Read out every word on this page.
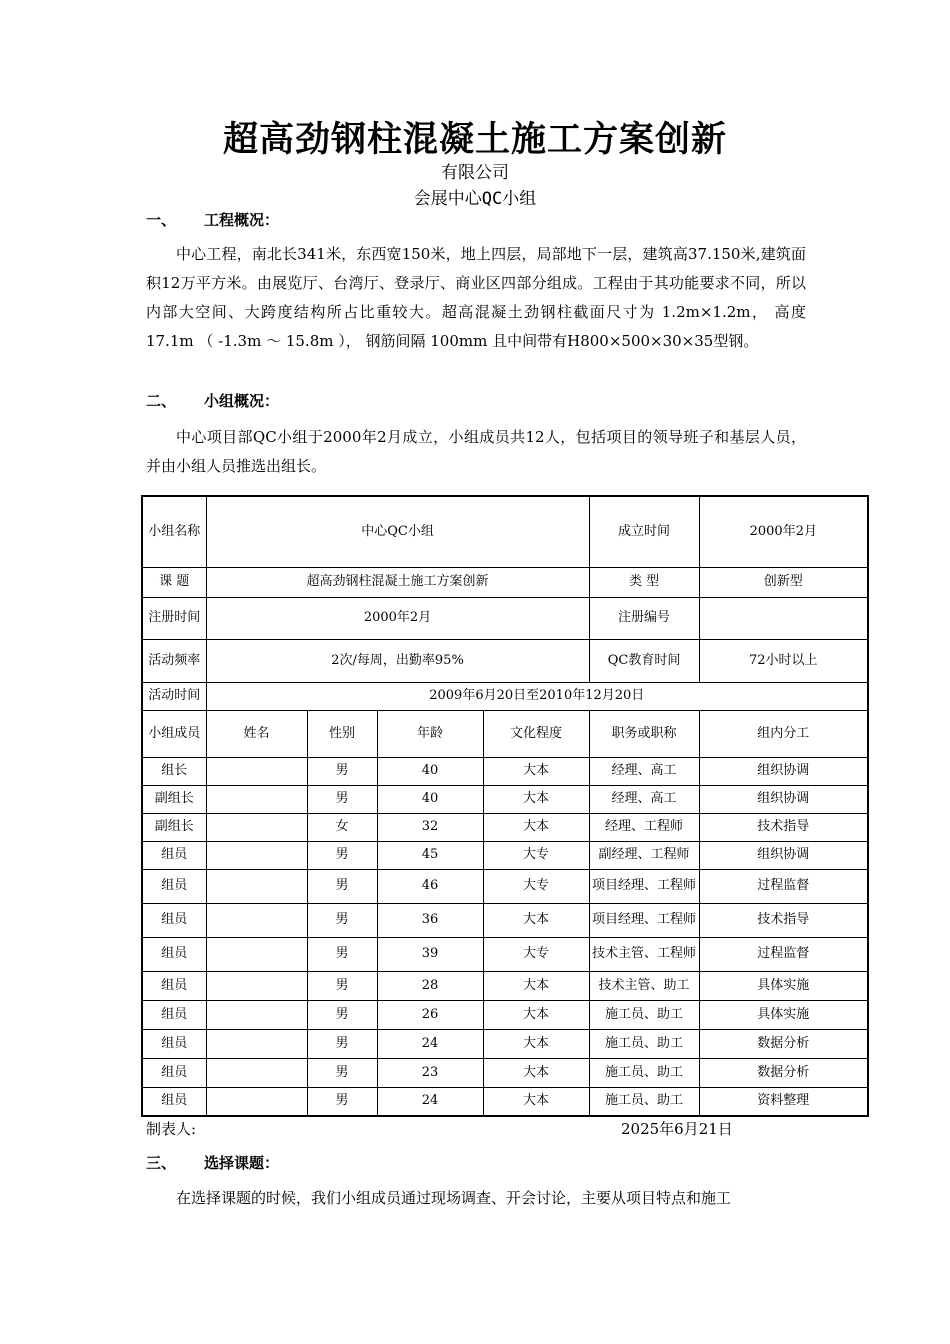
超高劲钢柱混凝土施工方案创新
有限公司
会展中心QC小组
一、 工程概况：

中心工程，南北长341米，东西宽150米，地上四层，局部地下一层，建筑高37.150米,建筑面积12万平方米。由展览厅、台湾厅、登录厅、商业区四部分组成。工程由于其功能要求不同，所以内部大空间、大跨度结构所占比重较大。超高混凝土劲钢柱截面尺寸为 1.2m×1.2m， 高度 17.1m （ -1.3m ～ 15.8m ）， 钢筋间隔 100mm 且中间带有H800×500×30×35型钢。

二、 小组概况：

中心项目部QC小组于2000年2月成立，小组成员共12人，包括项目的领导班子和基层人员，并由小组人员推选出组长。

小组名称	中心QC小组				成立时间	2000年2月
课 题	超高劲钢柱混凝土施工方案创新				类 型	创新型
注册时间	2000年2月				注册编号	
活动频率	2次/每周，出勤率95%				QC教育时间	72小时以上
活动时间	2009年6月20日至2010年12月20日					
小组成员	姓名	性别	年龄	文化程度	职务或职称	组内分工
组长		男	40	大本	经理、高工	组织协调
副组长		男	40	大本	经理、高工	组织协调
副组长		女	32	大本	经理、工程师	技术指导
组员		男	45	大专	副经理、工程师	组织协调
组员		男	46	大专	项目经理、工程师	过程监督
组员		男	36	大本	项目经理、工程师	技术指导
组员		男	39	大专	技术主管、工程师	过程监督
组员		男	28	大本	技术主管、助工	具体实施
组员		男	26	大本	施工员、助工	具体实施
组员		男	24	大本	施工员、助工	数据分析
组员		男	23	大本	施工员、助工	数据分析
组员		男	24	大本	施工员、助工	资料整理
制表人:	2025年6月21日
三、 选择课题：

在选择课题的时候，我们小组成员通过现场调查、开会讨论，主要从项目特点和施工
